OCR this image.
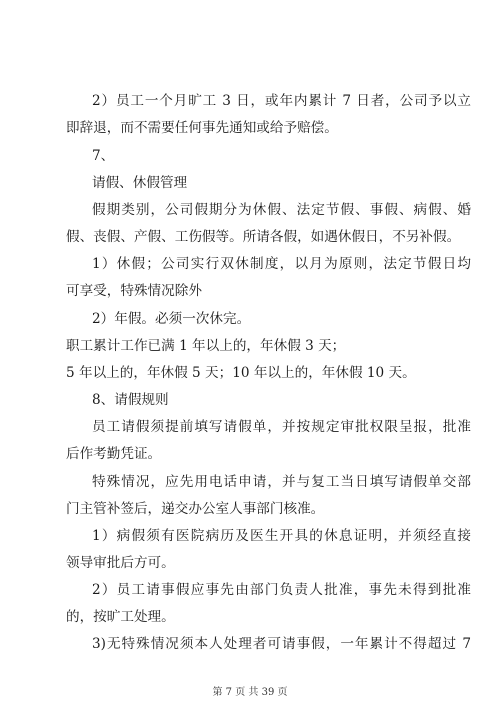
2）员工一个月旷工 3 日，或年内累计 7 日者，公司予以立
即辞退，而不需要任何事先通知或给予赔偿。
7、
请假、休假管理
假期类别，公司假期分为休假、法定节假、事假、病假、婚
假、丧假、产假、工伤假等。所请各假，如遇休假日，不另补假。
1）休假；公司实行双休制度，以月为原则，法定节假日均
可享受，特殊情况除外
2）年假。必须一次休完。
职工累计工作已满 1 年以上的，年休假 3 天；
5 年以上的，年休假 5 天；10 年以上的，年休假 10 天。
8、请假规则
员工请假须提前填写请假单，并按规定审批权限呈报，批准
后作考勤凭证。
特殊情况，应先用电话申请，并与复工当日填写请假单交部
门主管补签后，递交办公室人事部门核准。
1）病假须有医院病历及医生开具的休息证明，并须经直接
领导审批后方可。
2）员工请事假应事先由部门负责人批准，事先未得到批准
的，按旷工处理。
3)无特殊情况须本人处理者可请事假，一年累计不得超过 7
第 7 页 共 39 页
